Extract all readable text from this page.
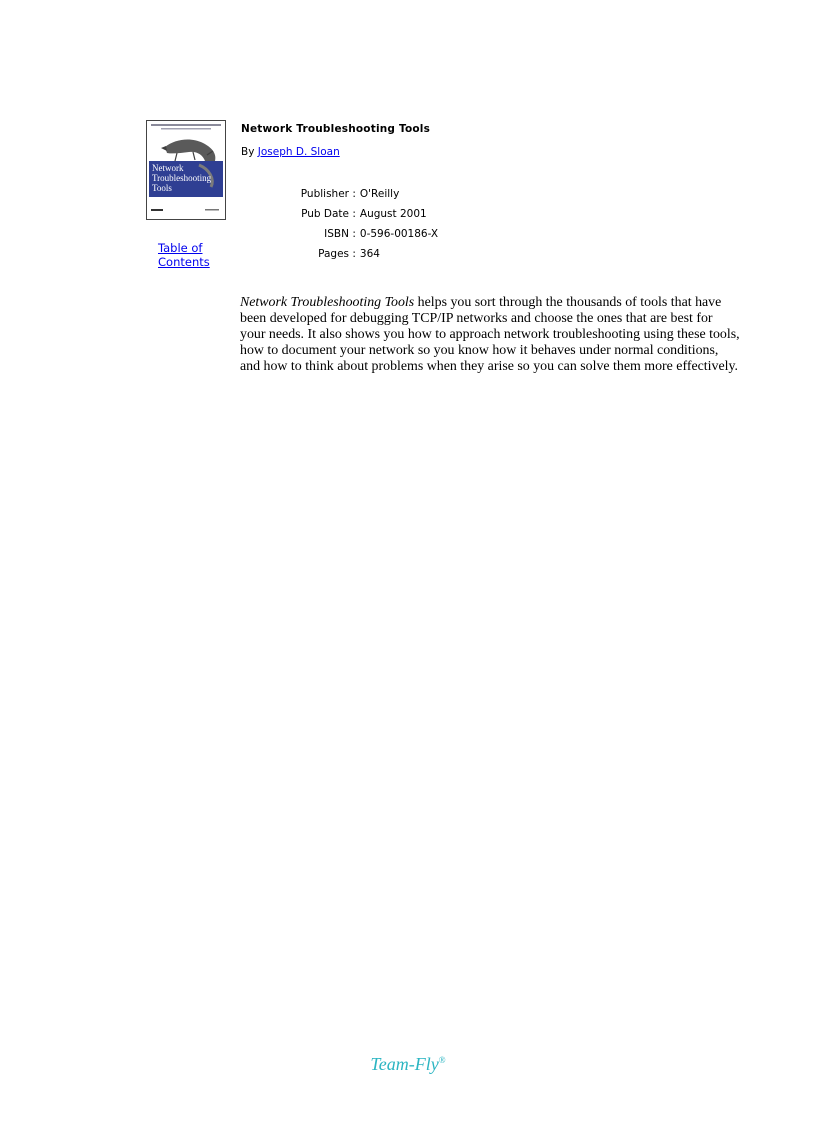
Network
Troubleshooting
Tools
Table of Contents
Network Troubleshooting Tools
By Joseph D. Sloan
Publisher : O'Reilly
Pub Date : August 2001
ISBN : 0-596-00186-X
Pages : 364

Network Troubleshooting Tools helps you sort through the thousands of tools that have been developed for debugging TCP/IP networks and choose the ones that are best for your needs. It also shows you how to approach network troubleshooting using these tools, how to document your network so you know how it behaves under normal conditions, and how to think about problems when they arise so you can solve them more effectively.

Team-Fly®
